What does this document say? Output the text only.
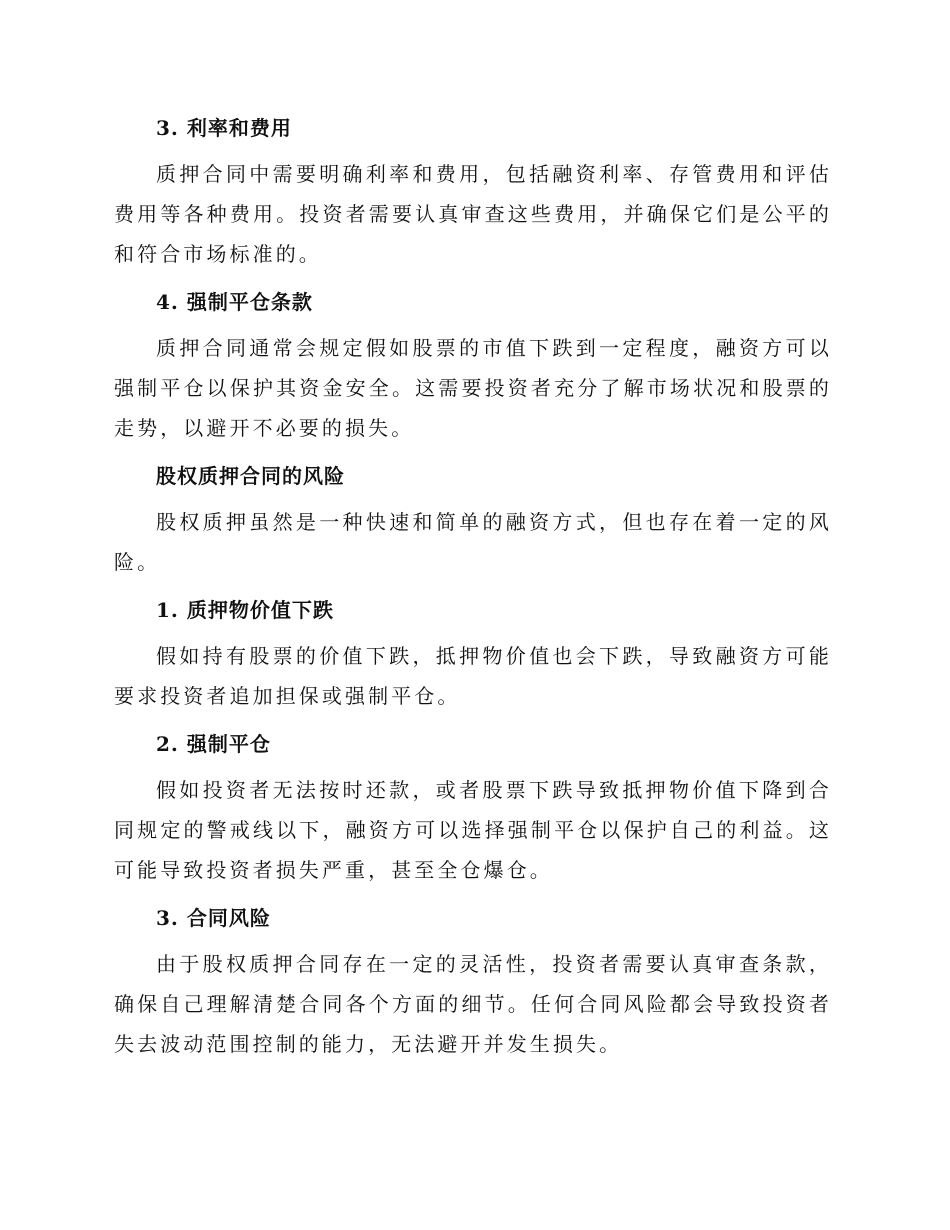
3. 利率和费用

质押合同中需要明确利率和费用，包括融资利率、存管费用和评估费用等各种费用。投资者需要认真审查这些费用，并确保它们是公平的和符合市场标准的。

4. 强制平仓条款

质押合同通常会规定假如股票的市值下跌到一定程度，融资方可以强制平仓以保护其资金安全。这需要投资者充分了解市场状况和股票的走势，以避开不必要的损失。

股权质押合同的风险

股权质押虽然是一种快速和简单的融资方式，但也存在着一定的风险。

1. 质押物价值下跌

假如持有股票的价值下跌，抵押物价值也会下跌，导致融资方可能要求投资者追加担保或强制平仓。

2. 强制平仓

假如投资者无法按时还款，或者股票下跌导致抵押物价值下降到合同规定的警戒线以下，融资方可以选择强制平仓以保护自己的利益。这可能导致投资者损失严重，甚至全仓爆仓。

3. 合同风险

由于股权质押合同存在一定的灵活性，投资者需要认真审查条款，确保自己理解清楚合同各个方面的细节。任何合同风险都会导致投资者失去波动范围控制的能力，无法避开并发生损失。
